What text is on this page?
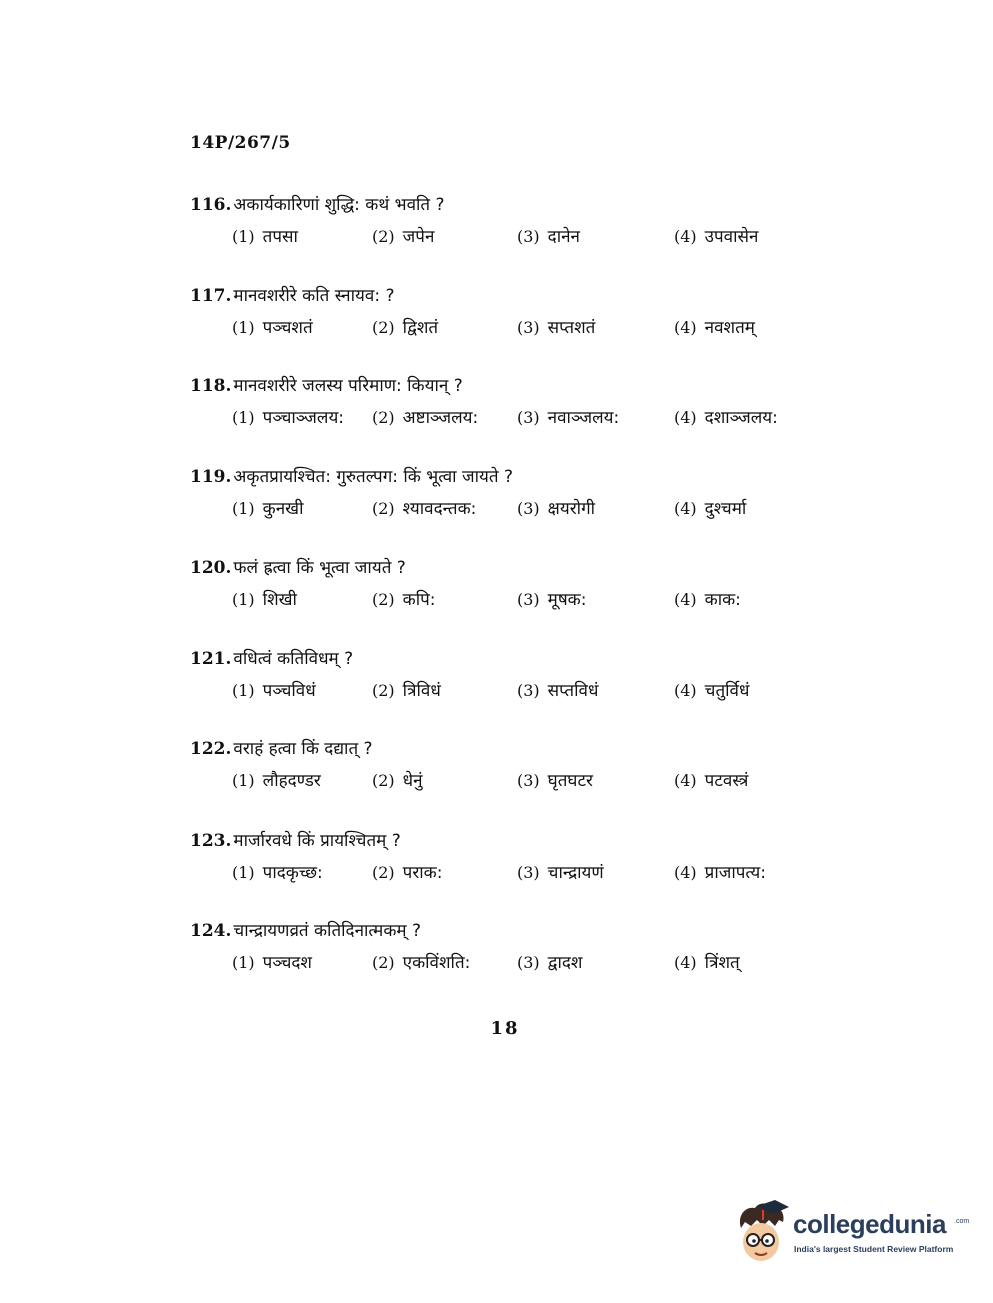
14P/267/5
116. अकार्यकारिणां शुद्धि: कथं भवति ?
(1) तपसा	(2) जपेन	(3) दानेन	(4) उपवासेन
117. मानवशरीरे कति स्नायव: ?
(1) पञ्चशतं	(2) द्विशतं	(3) सप्तशतं	(4) नवशतम्
118. मानवशरीरे जलस्य परिमाण: कियान् ?
(1) पञ्चाञ्जलय: (2) अष्टाञ्जलय: (3) नवाञ्जलय:	(4) दशाञ्जलय:
119. अकृतप्रायश्चित: गुरुतल्पग: किं भूत्वा जायते ?
(1) कुनखी	(2) श्यावदन्तक:	(3) क्षयरोगी	(4) दुश्चर्मा
120. फलं ह्रत्वा किं भूत्वा जायते ?
(1) शिखी	(2) कपि:	(3) मूषक:	(4) काक:
121. वधित्वं कतिविधम् ?
(1) पञ्चविधं	(2) त्रिविधं	(3) सप्तविधं	(4) चतुर्विधं
122. वराहं हत्वा किं दद्यात् ?
(1) लौहदण्डर	(2) धेनुं	(3) घृतघटर	(4) पटवस्त्रं
123. मार्जारवधे किं प्रायश्चितम् ?
(1) पादकृच्छ:	(2) पराक:	(3) चान्द्रायणं	(4) प्राजापत्य:
124. चान्द्रायणव्रतं कतिदिनात्मकम् ?
(1) पञ्चदश	(2) एकविंशति:	(3) द्वादश	(4) त्रिंशत्
18
collegedunia .com
India's largest Student Review Platform
